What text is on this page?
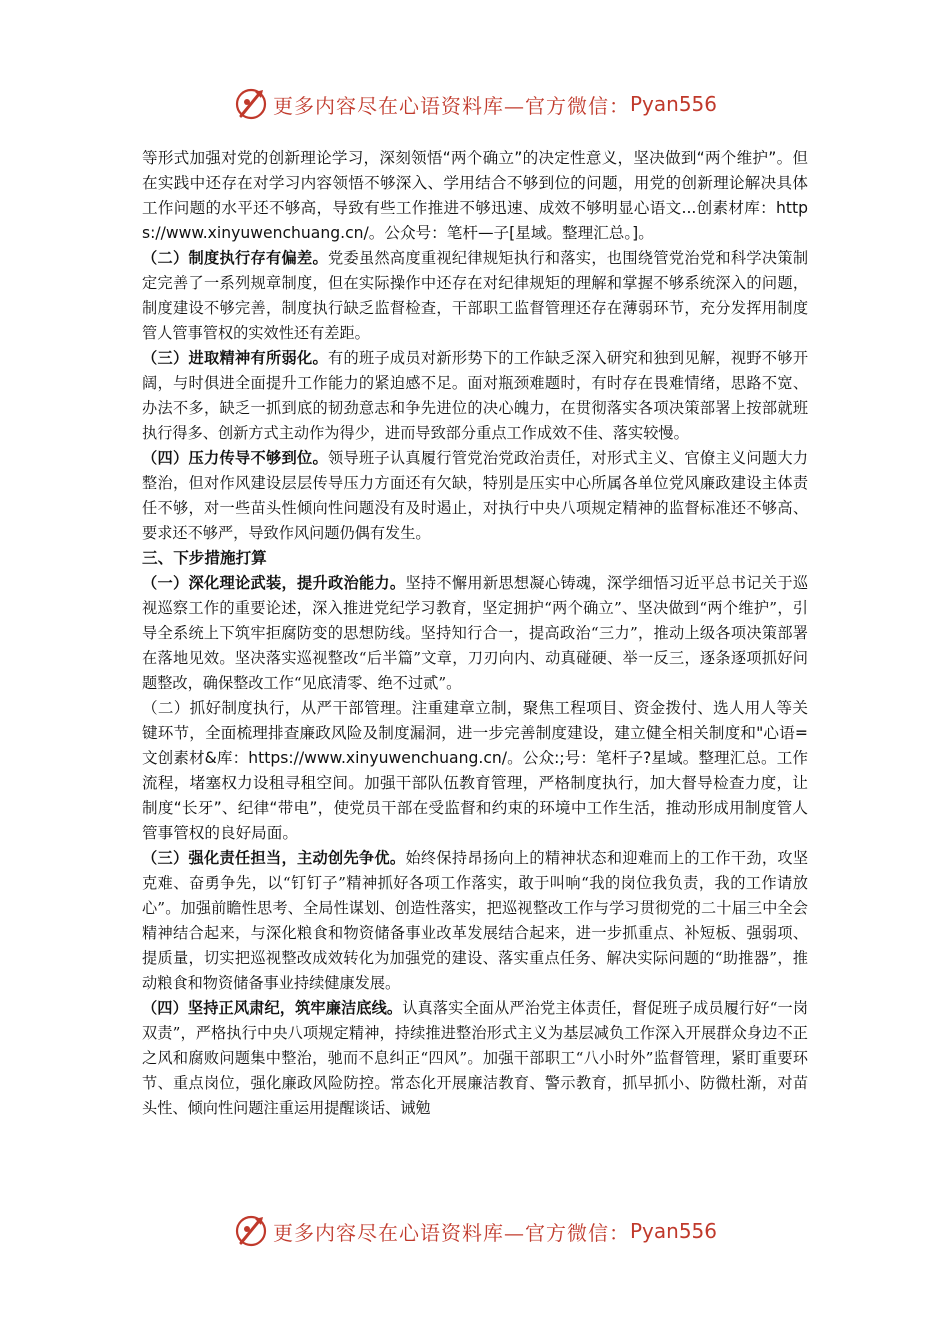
更多内容尽在心语资料库—官方微信： Pyan556

等形式加强对党的创新理论学习，深刻领悟“两个确立”的决定性意义，坚决做到“两个维护”。但在实践中还存在对学习内容领悟不够深入、学用结合不够到位的问题，用党的创新理论解决具体工作问题的水平还不够高，导致有些工作推进不够迅速、成效不够明显心语文...创素材库：https://www.xinyuwenchuang.cn/。公众号：笔杆—子[星域。整理汇总。]。

（二）制度执行存有偏差。党委虽然高度重视纪律规矩执行和落实，也围绕管党治党和科学决策制定完善了一系列规章制度，但在实际操作中还存在对纪律规矩的理解和掌握不够系统深入的问题，制度建设不够完善，制度执行缺乏监督检查，干部职工监督管理还存在薄弱环节，充分发挥用制度管人管事管权的实效性还有差距。

（三）进取精神有所弱化。有的班子成员对新形势下的工作缺乏深入研究和独到见解，视野不够开阔，与时俱进全面提升工作能力的紧迫感不足。面对瓶颈难题时，有时存在畏难情绪，思路不宽、办法不多，缺乏一抓到底的韧劲意志和争先进位的决心魄力，在贯彻落实各项决策部署上按部就班执行得多、创新方式主动作为得少，进而导致部分重点工作成效不佳、落实较慢。

（四）压力传导不够到位。领导班子认真履行管党治党政治责任，对形式主义、官僚主义问题大力整治，但对作风建设层层传导压力方面还有欠缺，特别是压实中心所属各单位党风廉政建设主体责任不够，对一些苗头性倾向性问题没有及时遏止，对执行中央八项规定精神的监督标准还不够高、要求还不够严，导致作风问题仍偶有发生。

三、下步措施打算

（一）深化理论武装，提升政治能力。坚持不懈用新思想凝心铸魂，深学细悟习近平总书记关于巡视巡察工作的重要论述，深入推进党纪学习教育，坚定拥护“两个确立”、坚决做到“两个维护”，引导全系统上下筑牢拒腐防变的思想防线。坚持知行合一，提高政治“三力”，推动上级各项决策部署在落地见效。坚决落实巡视整改“后半篇”文章，刀刃向内、动真碰硬、举一反三，逐条逐项抓好问题整改，确保整改工作“见底清零、绝不过贰”。

（二）抓好制度执行，从严干部管理。注重建章立制，聚焦工程项目、资金拨付、选人用人等关键环节，全面梳理排查廉政风险及制度漏洞，进一步完善制度建设，建立健全相关制度和"心语=文创素材&库：https://www.xinyuwenchuang.cn/。公众:;号：笔杆子?星域。整理汇总。工作流程，堵塞权力设租寻租空间。加强干部队伍教育管理，严格制度执行，加大督导检查力度，让制度“长牙”、纪律“带电”，使党员干部在受监督和约束的环境中工作生活，推动形成用制度管人管事管权的良好局面。

（三）强化责任担当，主动创先争优。始终保持昂扬向上的精神状态和迎难而上的工作干劲，攻坚克难、奋勇争先，以“钉钉子”精神抓好各项工作落实，敢于叫响“我的岗位我负责，我的工作请放心”。加强前瞻性思考、全局性谋划、创造性落实，把巡视整改工作与学习贯彻党的二十届三中全会精神结合起来，与深化粮食和物资储备事业改革发展结合起来，进一步抓重点、补短板、强弱项、提质量，切实把巡视整改成效转化为加强党的建设、落实重点任务、解决实际问题的“助推器”，推动粮食和物资储备事业持续健康发展。

（四）坚持正风肃纪，筑牢廉洁底线。认真落实全面从严治党主体责任，督促班子成员履行好“一岗双责”，严格执行中央八项规定精神，持续推进整治形式主义为基层减负工作深入开展群众身边不正之风和腐败问题集中整治，驰而不息纠正“四风”。加强干部职工“八小时外”监督管理，紧盯重要环节、重点岗位，强化廉政风险防控。常态化开展廉洁教育、警示教育，抓早抓小、防微杜渐，对苗头性、倾向性问题注重运用提醒谈话、诫勉

更多内容尽在心语资料库—官方微信： Pyan556
